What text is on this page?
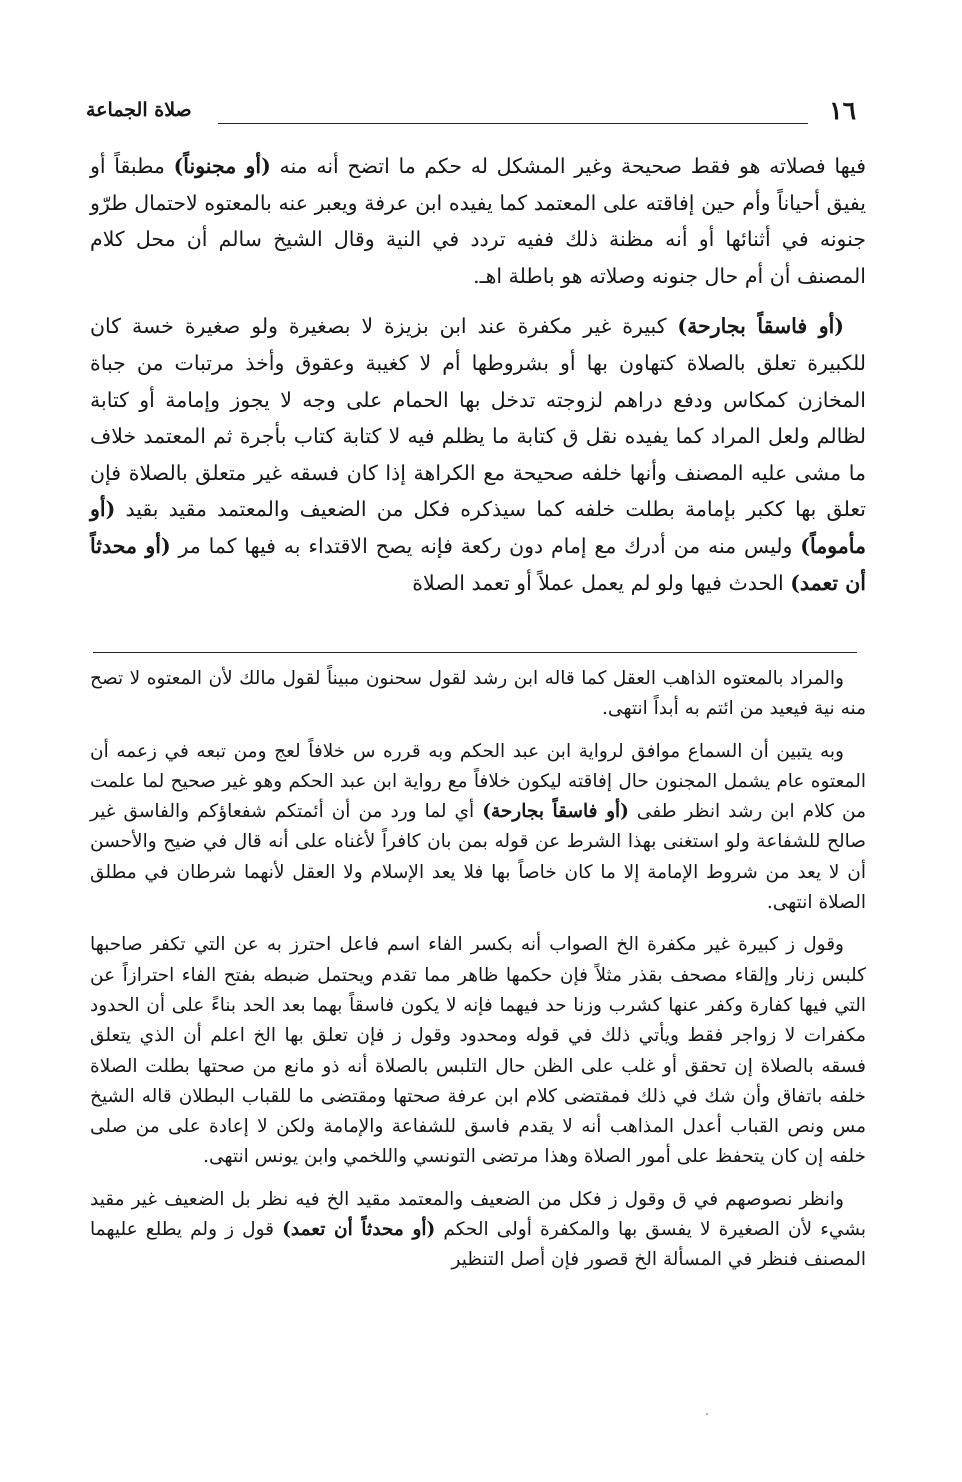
١٦
صلاة الجماعة

فيها فصلاته هو فقط صحيحة وغير المشكل له حكم ما اتضح أنه منه (أو مجنوناً) مطبقاً أو يفيق أحياناً وأم حين إفاقته على المعتمد كما يفيده ابن عرفة ويعبر عنه بالمعتوه لاحتمال طرّو جنونه في أثنائها أو أنه مظنة ذلك ففيه تردد في النية وقال الشيخ سالم أن محل كلام المصنف أن أم حال جنونه وصلاته هو باطلة اهـ.

(أو فاسقاً بجارحة) كبيرة غير مكفرة عند ابن بزيزة لا بصغيرة ولو صغيرة خسة كان للكبيرة تعلق بالصلاة كتهاون بها أو بشروطها أم لا كغيبة وعقوق وأخذ مرتبات من جباة المخازن كمكاس ودفع دراهم لزوجته تدخل بها الحمام على وجه لا يجوز وإمامة أو كتابة لظالم ولعل المراد كما يفيده نقل ق كتابة ما يظلم فيه لا كتابة كتاب بأجرة ثم المعتمد خلاف ما مشى عليه المصنف وأنها خلفه صحيحة مع الكراهة إذا كان فسقه غير متعلق بالصلاة فإن تعلق بها ككبر بإمامة بطلت خلفه كما سيذكره فكل من الضعيف والمعتمد مقيد بقيد (أو مأموماً) وليس منه من أدرك مع إمام دون ركعة فإنه يصح الاقتداء به فيها كما مر (أو محدثاً أن تعمد) الحدث فيها ولو لم يعمل عملاً أو تعمد الصلاة

والمراد بالمعتوه الذاهب العقل كما قاله ابن رشد لقول سحنون مبيناً لقول مالك لأن المعتوه لا تصح منه نية فيعيد من ائتم به أبداً انتهى.

وبه يتبين أن السماع موافق لرواية ابن عبد الحكم وبه قرره س خلافاً لعج ومن تبعه في زعمه أن المعتوه عام يشمل المجنون حال إفاقته ليكون خلافاً مع رواية ابن عبد الحكم وهو غير صحيح لما علمت من كلام ابن رشد انظر طفى (أو فاسقاً بجارحة) أي لما ورد من أن أئمتكم شفعاؤكم والفاسق غير صالح للشفاعة ولو استغنى بهذا الشرط عن قوله بمن بان كافراً لأغناه على أنه قال في ضيح والأحسن أن لا يعد من شروط الإمامة إلا ما كان خاصاً بها فلا يعد الإسلام ولا العقل لأنهما شرطان في مطلق الصلاة انتهى.

وقول ز كبيرة غير مكفرة الخ الصواب أنه بكسر الفاء اسم فاعل احترز به عن التي تكفر صاحبها كلبس زنار وإلقاء مصحف بقذر مثلاً فإن حكمها ظاهر مما تقدم ويحتمل ضبطه بفتح الفاء احترازاً عن التي فيها كفارة وكفر عنها كشرب وزنا حد فيهما فإنه لا يكون فاسقاً بهما بعد الحد بناءً على أن الحدود مكفرات لا زواجر فقط ويأتي ذلك في قوله ومحدود وقول ز فإن تعلق بها الخ اعلم أن الذي يتعلق فسقه بالصلاة إن تحقق أو غلب على الظن حال التلبس بالصلاة أنه ذو مانع من صحتها بطلت الصلاة خلفه باتفاق وأن شك في ذلك فمقتضى كلام ابن عرفة صحتها ومقتضى ما للقباب البطلان قاله الشيخ مس ونص القباب أعدل المذاهب أنه لا يقدم فاسق للشفاعة والإمامة ولكن لا إعادة على من صلى خلفه إن كان يتحفظ على أمور الصلاة وهذا مرتضى التونسي واللخمي وابن يونس انتهى.

وانظر نصوصهم في ق وقول ز فكل من الضعيف والمعتمد مقيد الخ فيه نظر بل الضعيف غير مقيد بشيء لأن الصغيرة لا يفسق بها والمكفرة أولى الحكم (أو محدثاً أن تعمد) قول ز ولم يطلع عليهما المصنف فنظر في المسألة الخ قصور فإن أصل التنظير
